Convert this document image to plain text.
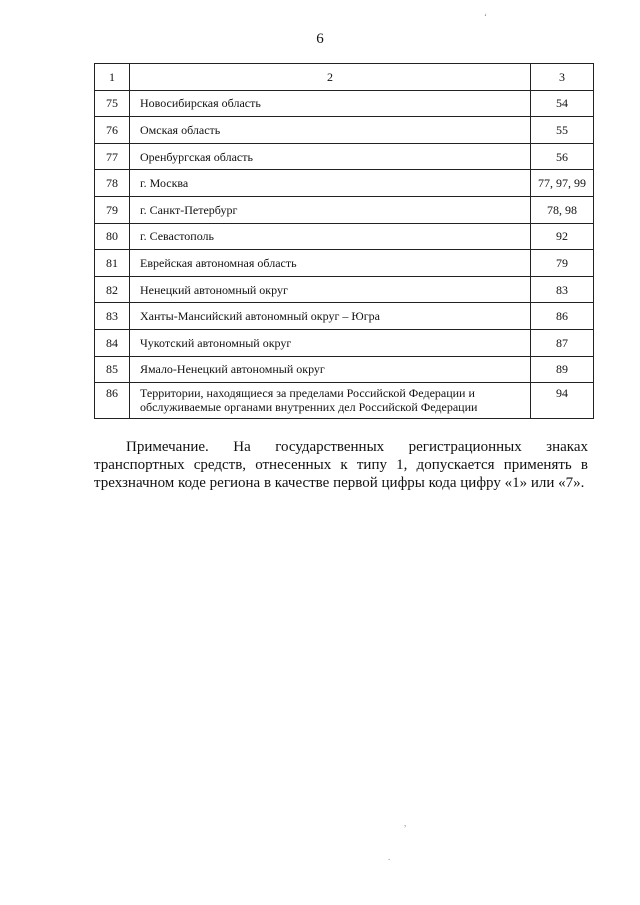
6
1	2	3
75	Новосибирская область	54
76	Омская область	55
77	Оренбургская область	56
78	г. Москва	77, 97, 99
79	г. Санкт-Петербург	78, 98
80	г. Севастополь	92
81	Еврейская автономная область	79
82	Ненецкий автономный округ	83
83	Ханты-Мансийский автономный округ – Югра	86
84	Чукотский автономный округ	87
85	Ямало-Ненецкий автономный округ	89
86	Территории, находящиеся за пределами Российской Федерации и обслуживаемые органами внутренних дел Российской Федерации	94

Примечание. На государственных регистрационных знаках транспортных средств, отнесенных к типу 1, допускается применять в трехзначном коде региона в качестве первой цифры кода цифру «1» или «7».

‘
,
.
